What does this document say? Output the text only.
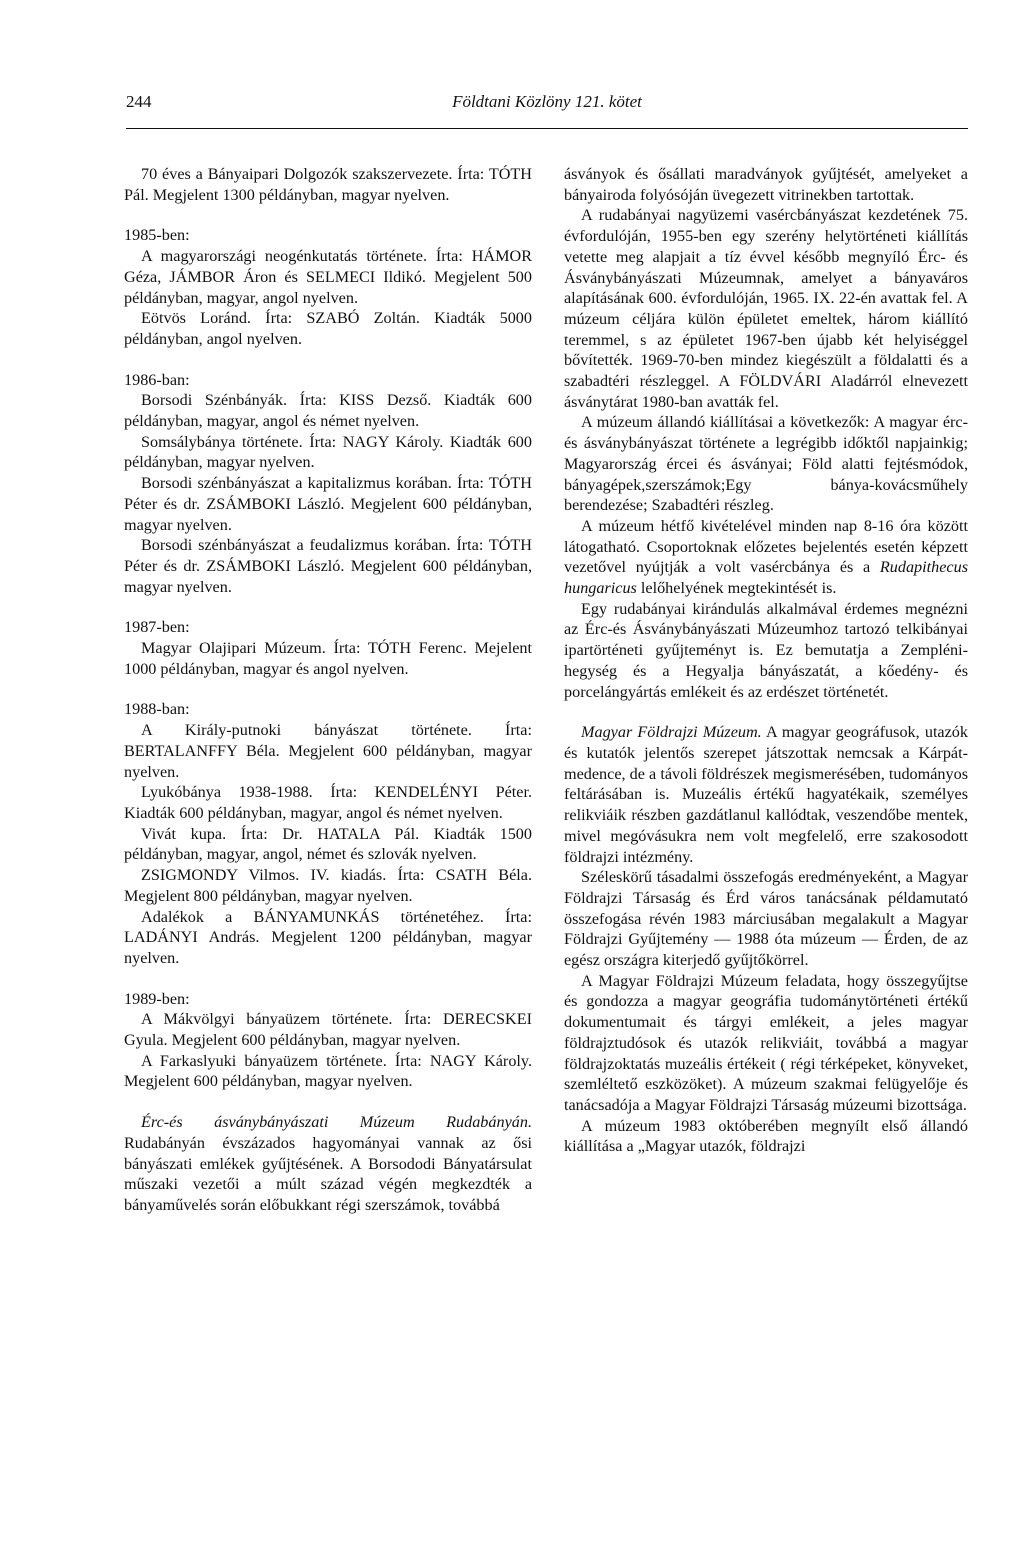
244	Földtani Közlöny 121. kötet

70 éves a Bányaipari Dolgozók szakszervezete. Írta: TÓTH Pál. Megjelent 1300 példányban, magyar nyelven.

1985-ben:

A magyarországi neogénkutatás története. Írta: HÁMOR Géza, JÁMBOR Áron és SELMECI Ildikó. Megjelent 500 példányban, magyar, angol nyelven.

Eötvös Loránd. Írta: SZABÓ Zoltán. Kiadták 5000 példányban, angol nyelven.

1986-ban:

Borsodi Szénbányák. Írta: KISS Dezső. Kiadták 600 példányban, magyar, angol és német nyelven.

Somsálybánya története. Írta: NAGY Károly. Kiadták 600 példányban, magyar nyelven.

Borsodi szénbányászat a kapitalizmus korában. Írta: TÓTH Péter és dr. ZSÁMBOKI László. Megjelent 600 példányban, magyar nyelven.

Borsodi szénbányászat a feudalizmus korában. Írta: TÓTH Péter és dr. ZSÁMBOKI László. Megjelent 600 példányban, magyar nyelven.

1987-ben:

Magyar Olajipari Múzeum. Írta: TÓTH Ferenc. Mejelent 1000 példányban, magyar és angol nyelven.

1988-ban:

A Király-putnoki bányászat története. Írta: BERTALANFFY Béla. Megjelent 600 példányban, magyar nyelven.

Lyukóbánya 1938-1988. Írta: KENDELÉNYI Péter. Kiadták 600 példányban, magyar, angol és német nyelven.

Vivát kupa. Írta: Dr. HATALA Pál. Kiadták 1500 példányban, magyar, angol, német és szlovák nyelven.

ZSIGMONDY Vilmos. IV. kiadás. Írta: CSATH Béla. Megjelent 800 példányban, magyar nyelven.

Adalékok a BÁNYAMUNKÁS történetéhez. Írta: LADÁNYI András. Megjelent 1200 példányban, magyar nyelven.

1989-ben:

A Mákvölgyi bányaüzem története. Írta: DERECSKEI Gyula. Megjelent 600 példányban, magyar nyelven.

A Farkaslyuki bányaüzem története. Írta: NAGY Károly. Megjelent 600 példányban, magyar nyelven.

Érc-és ásványbányászati Múzeum Rudabányán. Rudabányán évszázados hagyományai vannak az ősi bányászati emlékek gyűjtésének. A Borsododi Bányatársulat műszaki vezetői a múlt század végén megkezdték a bányaművelés során előbukkant régi szerszámok, továbbá

ásványok és ősállati maradványok gyűjtését, amelyeket a bányairoda folyósóján üvegezett vitrinekben tartottak.

A rudabányai nagyüzemi vasércbányászat kezdetének 75. évfordulóján, 1955-ben egy szerény helytörténeti kiállítás vetette meg alapjait a tíz évvel később megnyíló Érc- és Ásványbányászati Múzeumnak, amelyet a bányaváros alapításának 600. évfordulóján, 1965. IX. 22-én avattak fel. A múzeum céljára külön épületet emeltek, három kiállító teremmel, s az épületet 1967-ben újabb két helyiséggel bővítették. 1969-70-ben mindez kiegészült a földalatti és a szabadtéri részleggel. A FÖLDVÁRI Aladárról elnevezett ásványtárat 1980-ban avatták fel.

A múzeum állandó kiállításai a következők: A magyar érc-és ásványbányászat története a legrégibb időktől napjainkig; Magyarország ércei és ásványai; Föld alatti fejtésmódok, bányagépek,szerszámok;Egy bánya-kovácsműhely berendezése; Szabadtéri részleg.

A múzeum hétfő kivételével minden nap 8-16 óra között látogatható. Csoportoknak előzetes bejelentés esetén képzett vezetővel nyújtják a volt vasércbánya és a Rudapithecus hungaricus lelőhelyének megtekintését is.

Egy rudabányai kirándulás alkalmával érdemes megnézni az Érc-és Ásványbányászati Múzeumhoz tartozó telkibányai ipartörténeti gyűjteményt is. Ez bemutatja a Zempléni-hegység és a Hegyalja bányászatát, a kőedény- és porcelángyártás emlékeit és az erdészet történetét.

Magyar Földrajzi Múzeum. A magyar geográfusok, utazók és kutatók jelentős szerepet játszottak nemcsak a Kárpát-medence, de a távoli földrészek megismerésében, tudományos feltárásában is. Muzeális értékű hagyatékaik, személyes relikviáik részben gazdátlanul kallódtak, veszendőbe mentek, mivel megóvásukra nem volt megfelelő, erre szakosodott földrajzi intézmény.

Széleskörű tásadalmi összefogás eredményeként, a Magyar Földrajzi Társaság és Érd város tanácsának példamutató összefogása révén 1983 márciusában megalakult a Magyar Földrajzi Gyűjtemény — 1988 óta múzeum — Érden, de az egész országra kiterjedő gyűjtőkörrel.

A Magyar Földrajzi Múzeum feladata, hogy összegyűjtse és gondozza a magyar geográfia tudománytörténeti értékű dokumentumait és tárgyi emlékeit, a jeles magyar földrajztudósok és utazók relikviáit, továbbá a magyar földrajzoktatás muzeális értékeit ( régi térképeket, könyveket, szemléltető eszközöket). A múzeum szakmai felügyelője és tanácsadója a Magyar Földrajzi Társaság múzeumi bizottsága.

A múzeum 1983 októberében megnyílt első állandó kiállítása a „Magyar utazók, földrajzi
